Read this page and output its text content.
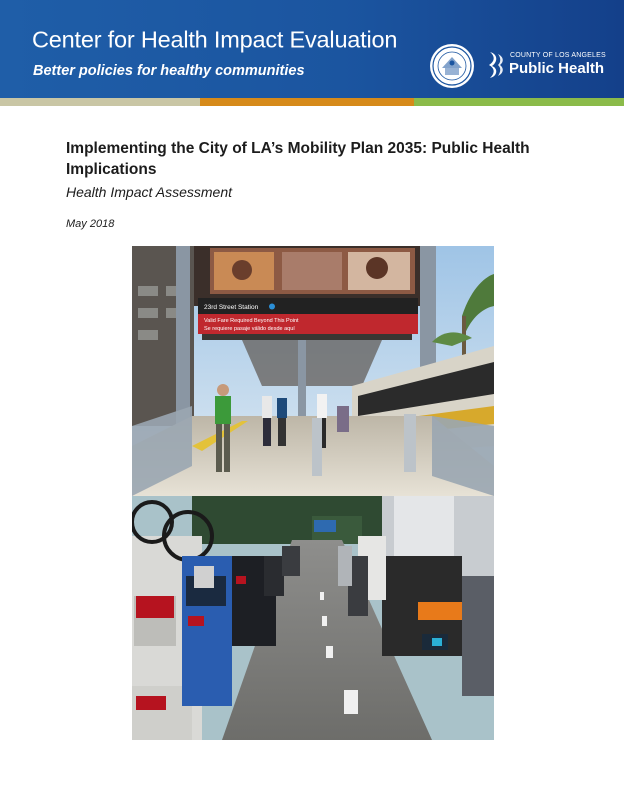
Center for Health Impact Evaluation
Better policies for healthy communities
COUNTY OF LOS ANGELES
Public Health
Implementing the City of LA’s Mobility Plan 2035: Public Health Implications
Health Impact Assessment
May 2018
23rd Street Station
Valid Fare Required Beyond This Point
Se requiere pasaje válido desde aquí
